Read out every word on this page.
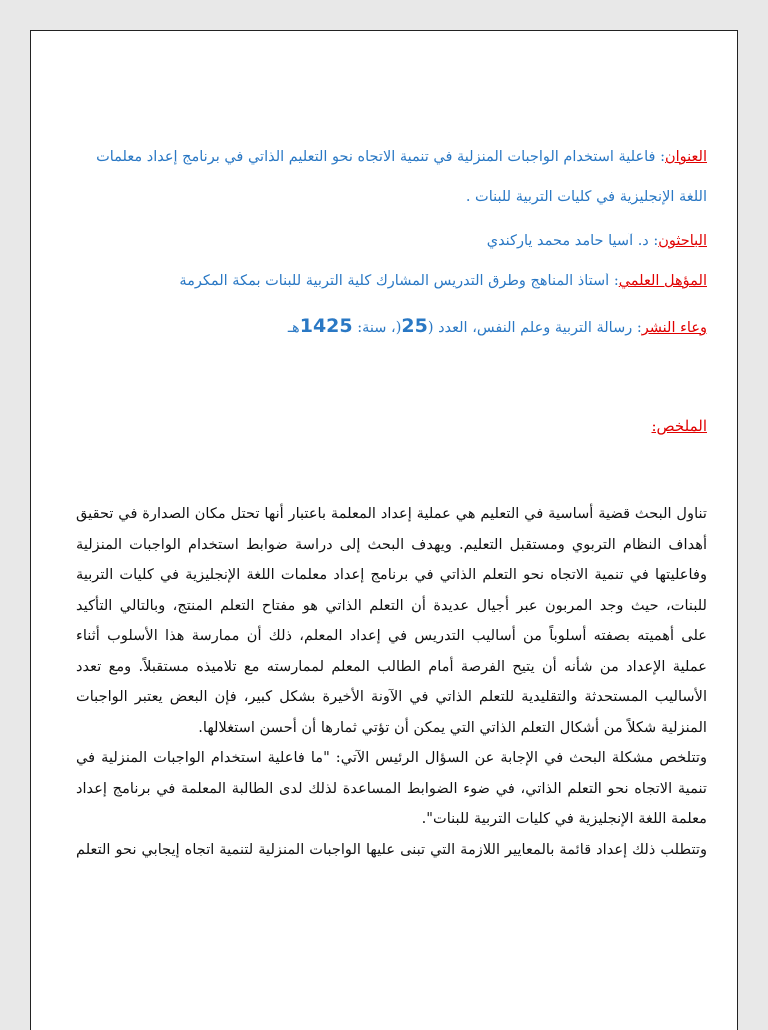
العنوان: فاعلية استخدام الواجبات المنزلية في تنمية الاتجاه نحو التعليم الذاتي في برنامج إعداد معلمات
اللغة الإنجليزية في كليات التربية للبنات .
الباحثون: د. آسيا حامد محمد ياركندي
المؤهل العلمي: أستاذ المناهج وطرق التدريس المشارك كلية التربية للبنات بمكة المكرمة
وعاء النشر: رسالة التربية وعلم النفس، العدد (25(، سنة: 1425هـ
الملخص:
تناول البحث قضية أساسية في التعليم هي عملية إعداد المعلمة باعتبار أنها تحتل مكان الصدارة في تحقيق
أهداف النظام التربوي ومستقبل التعليم. ويهدف البحث إلى دراسة ضوابط استخدام الواجبات المنزلية
وفاعليتها في تنمية الاتجاه نحو التعلم الذاتي في برنامج إعداد معلمات اللغة الإنجليزية في كليات التربية
للبنات، حيث وجد المربون عبر أجيال عديدة أن التعلم الذاتي هو مفتاح التعلم المنتج، وبالتالي التأكيد
على أهميته بصفته أسلوباً من أساليب التدريس في إعداد المعلم، ذلك أن ممارسة هذا الأسلوب أثناء
عملية الإعداد من شأنه أن يتيح الفرصة أمام الطالب المعلم لممارسته مع تلاميذه مستقبلاً. ومع تعدد
الأساليب المستحدثة والتقليدية للتعلم الذاتي في الآونة الأخيرة بشكل كبير، فإن البعض يعتبر الواجبات
المنزلية شكلاً من أشكال التعلم الذاتي التي يمكن أن تؤتي ثمارها أن أحسن استغلالها.
وتتلخص مشكلة البحث في الإجابة عن السؤال الرئيس الآتي: "ما فاعلية استخدام الواجبات المنزلية في
تنمية الاتجاه نحو التعلم الذاتي، في ضوء الضوابط المساعدة لذلك لدى الطالبة المعلمة في برنامج إعداد
معلمة اللغة الإنجليزية في كليات التربية للبنات".
وتتطلب ذلك إعداد قائمة بالمعايير اللازمة التي تبنى عليها الواجبات المنزلية لتنمية اتجاه إيجابي نحو التعلم
